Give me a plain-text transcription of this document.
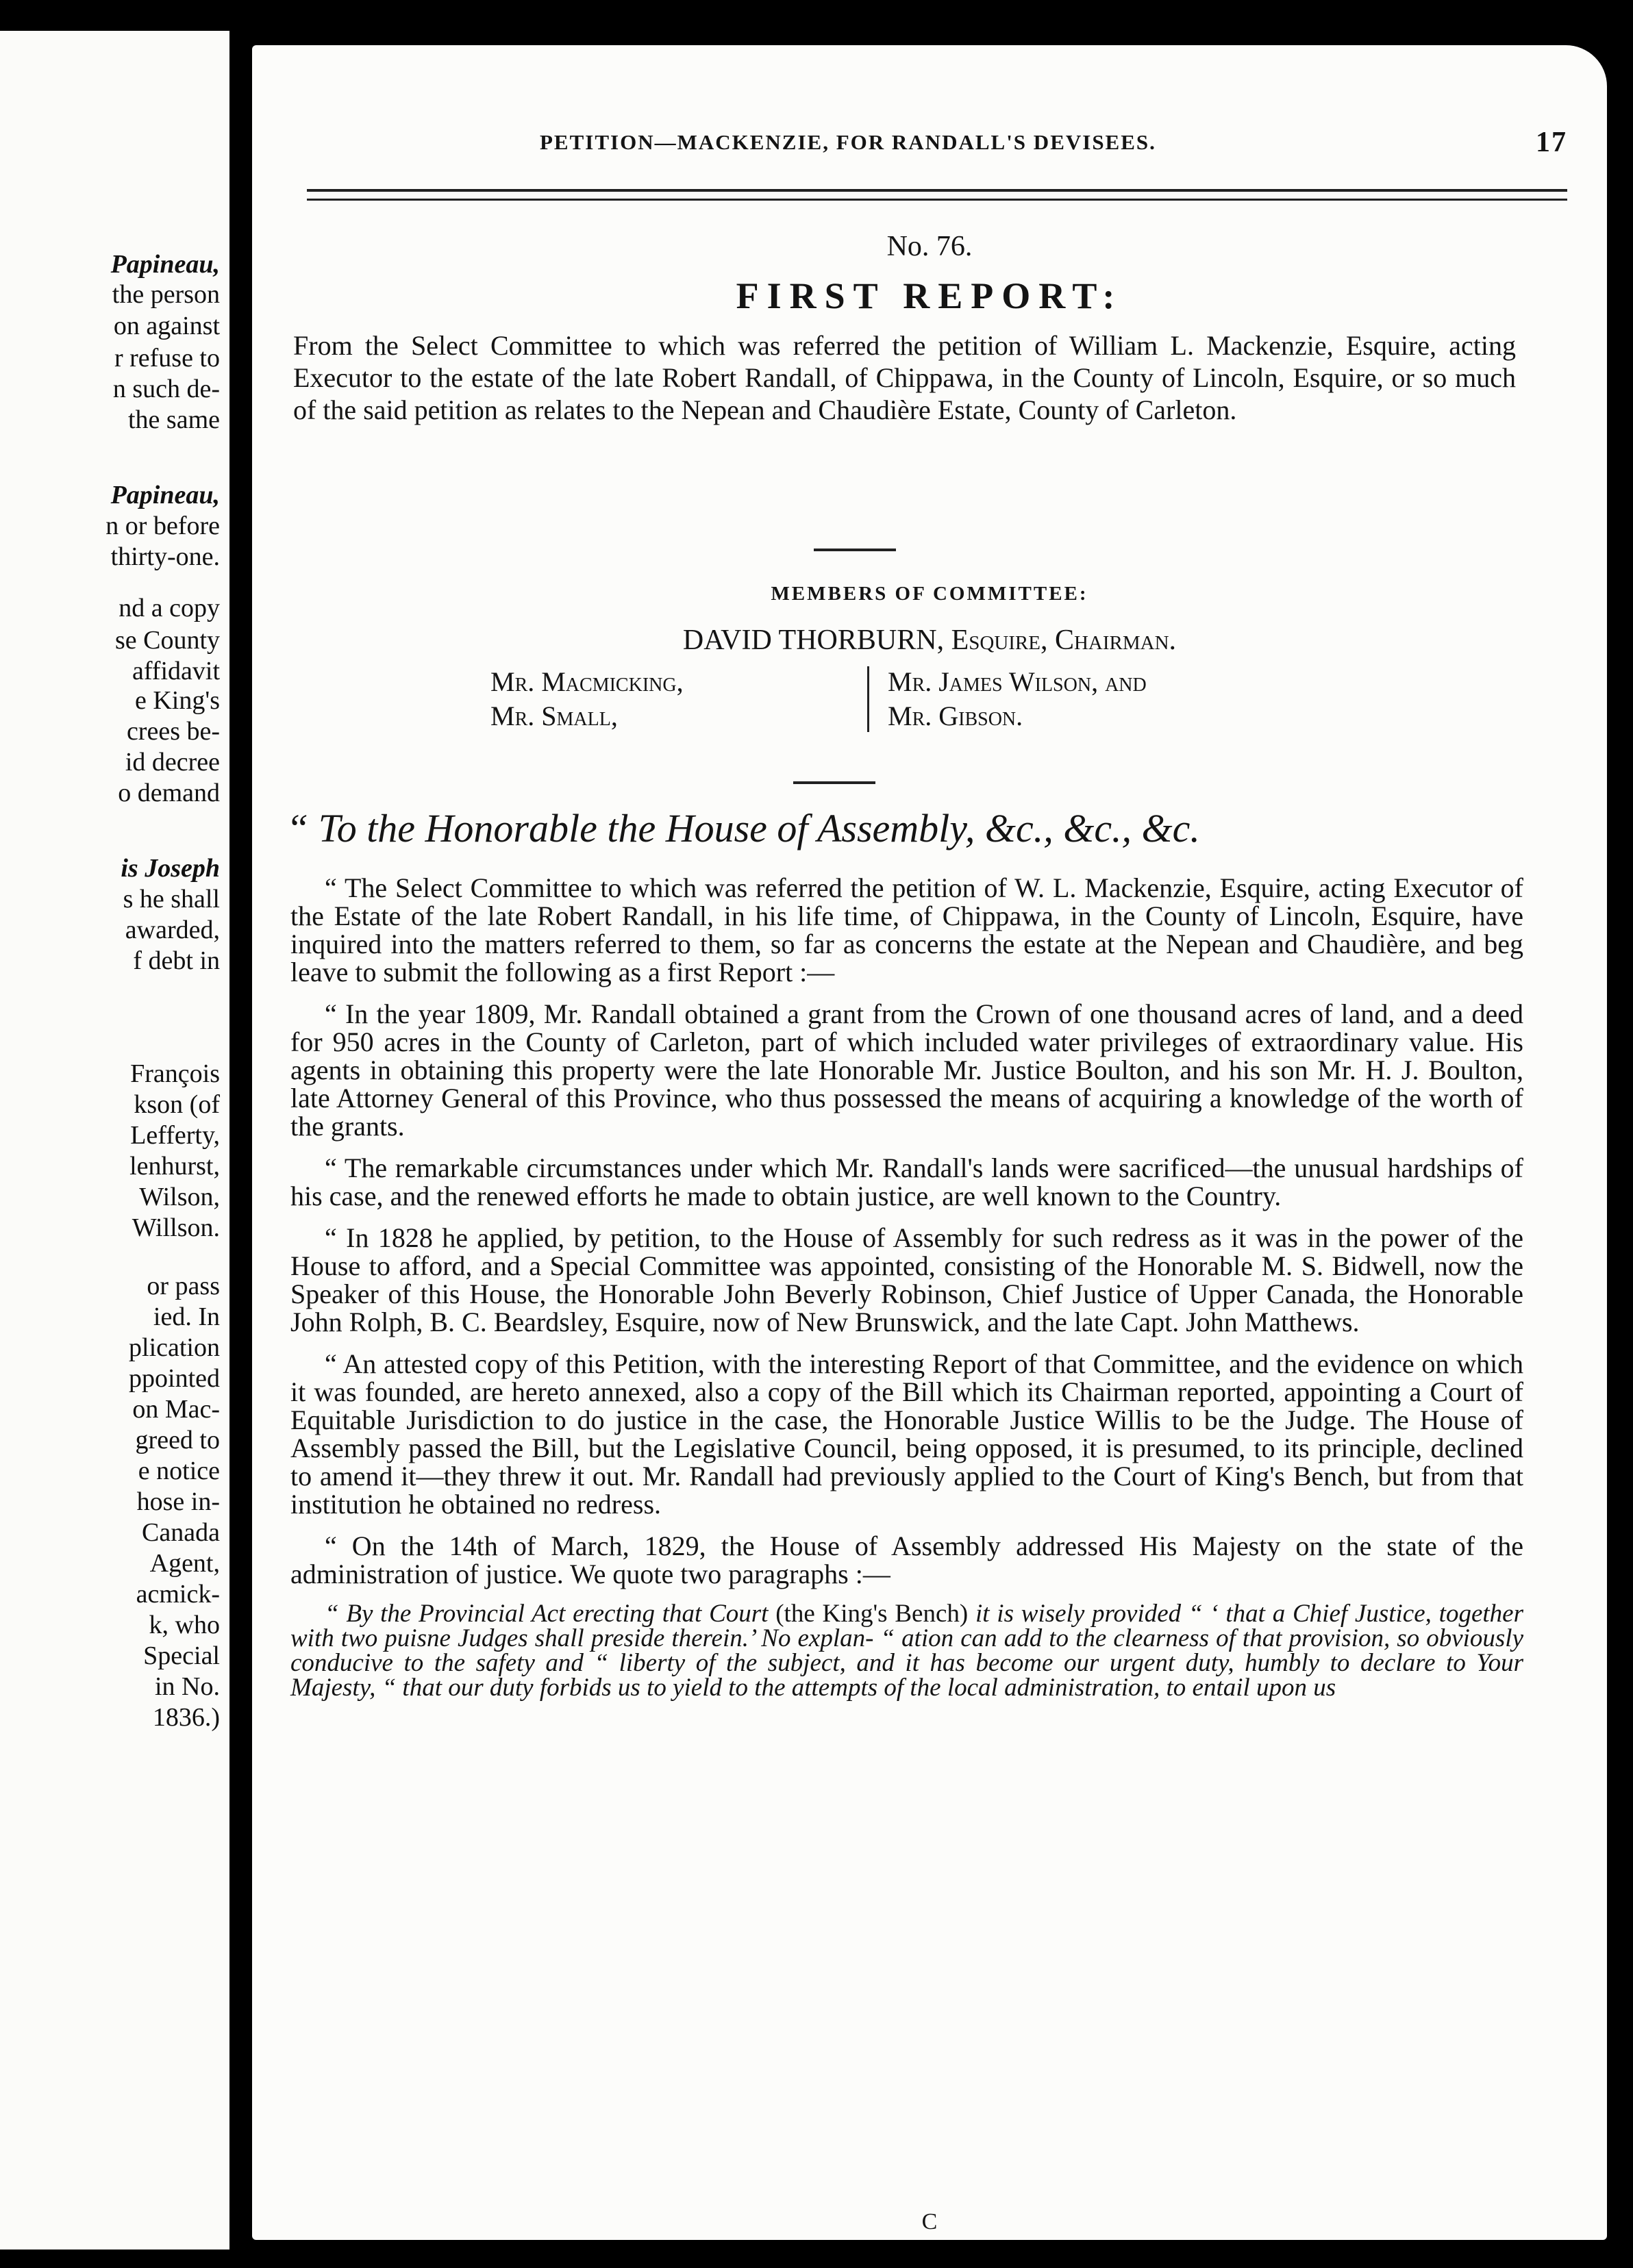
Papineau,
the person
on against
r refuse to
n such de-
the same
Papineau,
n or before
thirty-one.
nd a copy
se County
affidavit
e King's
crees be-
id decree
o demand
is Joseph
s he shall
awarded,
f debt in
François
kson (of
Lefferty,
lenhurst,
Wilson,
Willson.
or pass
ied. In
plication
ppointed
on Mac-
greed to
e notice
hose in-
Canada
Agent,
acmick-
k, who
Special
in No.
1836.)
PETITION—MACKENZIE, FOR RANDALL'S DEVISEES.	17
No. 76.
FIRST REPORT:

From the Select Committee to which was referred the petition of William L. Mackenzie, Esquire, acting Executor to the estate of the late Robert Randall, of Chippawa, in the County of Lincoln, Esquire, or so much of the said petition as relates to the Nepean and Chaudière Estate, County of Carleton.

MEMBERS OF COMMITTEE:
DAVID THORBURN, Esquire, Chairman.
Mr. Macmicking,
Mr. Small,
Mr. James Wilson, and
Mr. Gibson.
“ To the Honorable the House of Assembly, &c., &c., &c.

“ The Select Committee to which was referred the petition of W. L. Mackenzie, Esquire, acting Executor of the Estate of the late Robert Randall, in his life time, of Chippawa, in the County of Lincoln, Esquire, have inquired into the matters referred to them, so far as concerns the estate at the Nepean and Chaudière, and beg leave to submit the following as a first Report :—

“ In the year 1809, Mr. Randall obtained a grant from the Crown of one thousand acres of land, and a deed for 950 acres in the County of Carleton, part of which included water privileges of extraordinary value. His agents in obtaining this property were the late Honorable Mr. Justice Boulton, and his son Mr. H. J. Boulton, late Attorney General of this Province, who thus possessed the means of acquiring a knowledge of the worth of the grants.

“ The remarkable circumstances under which Mr. Randall's lands were sacrificed—the unusual hardships of his case, and the renewed efforts he made to obtain justice, are well known to the Country.

“ In 1828 he applied, by petition, to the House of Assembly for such redress as it was in the power of the House to afford, and a Special Committee was appointed, consisting of the Honorable M. S. Bidwell, now the Speaker of this House, the Honorable John Beverly Robinson, Chief Justice of Upper Canada, the Honorable John Rolph, B. C. Beardsley, Esquire, now of New Brunswick, and the late Capt. John Matthews.

“ An attested copy of this Petition, with the interesting Report of that Committee, and the evidence on which it was founded, are hereto annexed, also a copy of the Bill which its Chairman reported, appointing a Court of Equitable Jurisdiction to do justice in the case, the Honorable Justice Willis to be the Judge. The House of Assembly passed the Bill, but the Legislative Council, being opposed, it is presumed, to its principle, declined to amend it—they threw it out. Mr. Randall had previously applied to the Court of King's Bench, but from that institution he obtained no redress.

“ On the 14th of March, 1829, the House of Assembly addressed His Majesty on the state of the administration of justice. We quote two paragraphs :—

“ By the Provincial Act erecting that Court (the King's Bench) it is wisely provided “ ‘ that a Chief Justice, together with two puisne Judges shall preside therein.’ No explan- “ ation can add to the clearness of that provision, so obviously conducive to the safety and “ liberty of the subject, and it has become our urgent duty, humbly to declare to Your Majesty, “ that our duty forbids us to yield to the attempts of the local administration, to entail upon us

C
